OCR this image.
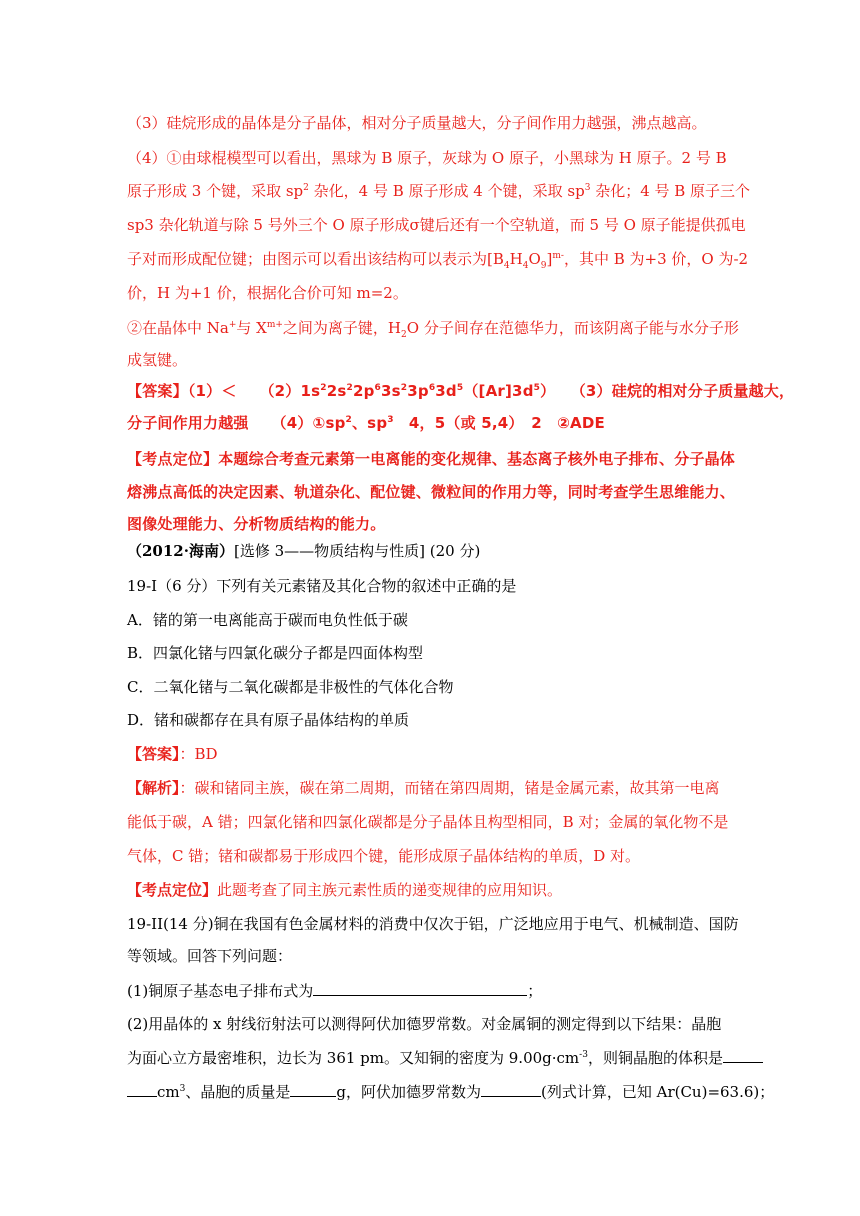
（3）硅烷形成的晶体是分子晶体，相对分子质量越大，分子间作用力越强，沸点越高。
（4）①由球棍模型可以看出，黑球为 B 原子，灰球为 O 原子，小黑球为 H 原子。2 号 B
原子形成 3 个键，采取 $sp^2$ 杂化，4 号 B 原子形成 4 个键，采取 $sp^3$ 杂化；4 号 B 原子三个
sp3 杂化轨道与除 5 号外三个 O 原子形成σ键后还有一个空轨道，而 5 号 O 原子能提供孤电
子对而形成配位键；由图示可以看出该结构可以表示为$[B_4H_4O_9]^{m-}$，其中 B 为+3 价，O 为-2
价，H 为+1 价，根据化合价可知 m=2。
②在晶体中 Na+与 $X^{m+}$之间为离子键，$H_2O$ 分子间存在范德华力，而该阴离子能与水分子形
成氢键。
【答案】（1）＜　　$(2)1s^22s^22p^63s^23p^63d^5([Ar]3d^5)$　　（3）硅烷的相对分子质量越大，
分子间作用力越强　　$(4)①sp^2$、$sp^3$　4，5（或 5,4）　2　②ADE
【考点定位】本题综合考查元素第一电离能的变化规律、基态离子核外电子排布、分子晶体
熔沸点高低的决定因素、轨道杂化、配位键、微粒间的作用力等，同时考查学生思维能力、
图像处理能力、分析物质结构的能力。
（2012·海南）[选修 3——物质结构与性质] (20 分)
19-I（6 分）下列有关元素锗及其化合物的叙述中正确的是
A．锗的第一电离能高于碳而电负性低于碳
B．四氯化锗与四氯化碳分子都是四面体构型
C．二氧化锗与二氧化碳都是非极性的气体化合物
D．锗和碳都存在具有原子晶体结构的单质
【答案】：BD
【解析】：碳和锗同主族，碳在第二周期，而锗在第四周期，锗是金属元素，故其第一电离
能低于碳，A 错；四氯化锗和四氯化碳都是分子晶体且构型相同，B 对；金属的氧化物不是
气体，C 错；锗和碳都易于形成四个键，能形成原子晶体结构的单质，D 对。
【考点定位】此题考查了同主族元素性质的递变规律的应用知识。
19-II(14 分)铜在我国有色金属材料的消费中仅次于铝，广泛地应用于电气、机械制造、国防
等领域。回答下列问题：
(1)铜原子基态电子排布式为	；
(2)用晶体的 x 射线衍射法可以测得阿伏加德罗常数。对金属铜的测定得到以下结果：晶胞
为面心立方最密堆积，边长为 361 pm。又知铜的密度为 $9.00g\cdot cm^{-3}$，则铜晶胞的体积是
$cm^3$、晶胞的质量是	g，阿伏加德罗常数为	(列式计算，已知 Ar(Cu)=63.6)；
